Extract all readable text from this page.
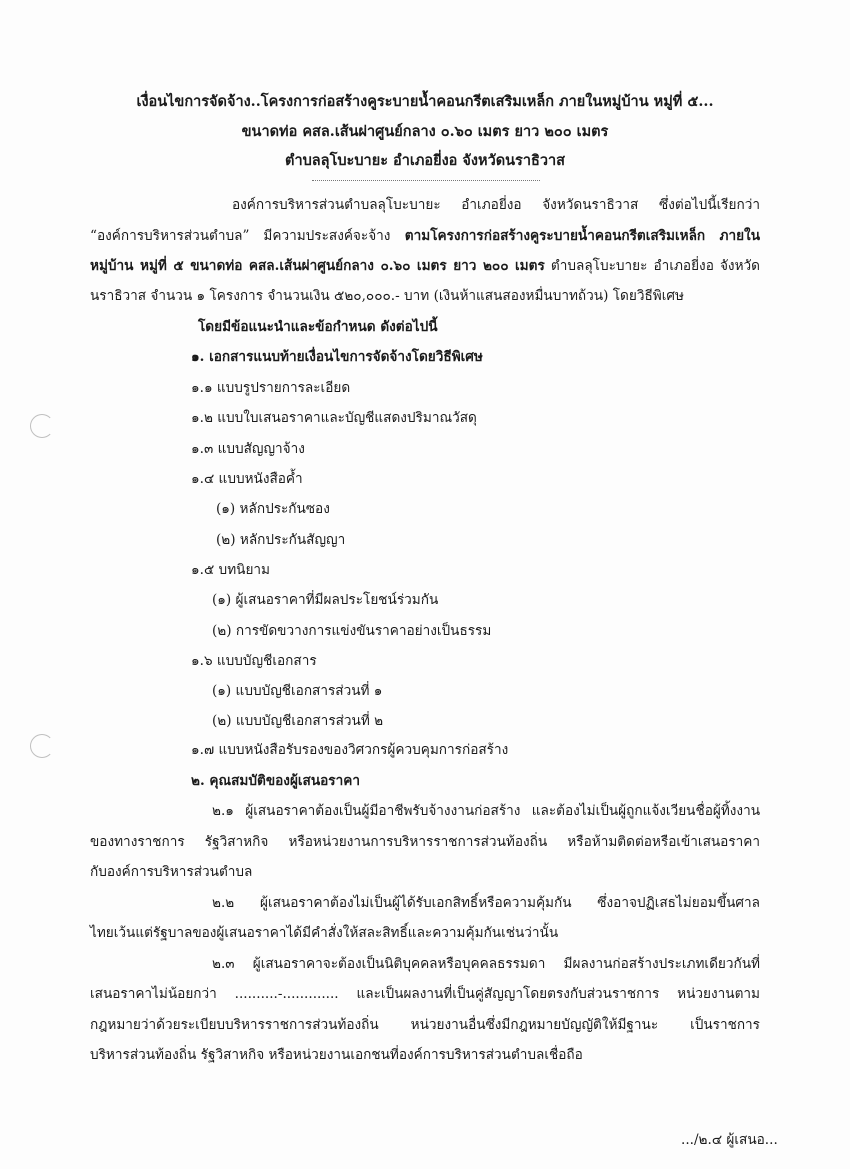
เงื่อนไขการจัดจ้าง..โครงการก่อสร้างคูระบายน้ำคอนกรีตเสริมเหล็ก ภายในหมู่บ้าน หมู่ที่ ๕...
ขนาดท่อ คสล.เส้นผ่าศูนย์กลาง ๐.๖๐ เมตร ยาว ๒๐๐ เมตร
ตำบลลุโบะบายะ อำเภอยี่งอ จังหวัดนราธิวาส
องค์การบริหารส่วนตำบลลุโบะบายะ อำเภอยี่งอ จังหวัดนราธิวาส ซึ่งต่อไปนี้เรียกว่า
“องค์การบริหารส่วนตำบล” มีความประสงค์จะจ้าง ตามโครงการก่อสร้างคูระบายน้ำคอนกรีตเสริมเหล็ก ภายใน
หมู่บ้าน หมู่ที่ ๕ ขนาดท่อ คสล.เส้นผ่าศูนย์กลาง ๐.๖๐ เมตร ยาว ๒๐๐ เมตร ตำบลลุโบะบายะ อำเภอยี่งอ จังหวัด
นราธิวาส จำนวน ๑ โครงการ จำนวนเงิน ๕๒๐,๐๐๐.- บาท (เงินห้าแสนสองหมื่นบาทถ้วน) โดยวิธีพิเศษ
โดยมีข้อแนะนำและข้อกำหนด ดังต่อไปนี้
๑. เอกสารแนบท้ายเงื่อนไขการจัดจ้างโดยวิธีพิเศษ
๑.๑ แบบรูปรายการละเอียด
๑.๒ แบบใบเสนอราคาและบัญชีแสดงปริมาณวัสดุ
๑.๓ แบบสัญญาจ้าง
๑.๔ แบบหนังสือค้ำ
(๑) หลักประกันซอง
(๒) หลักประกันสัญญา
๑.๕ บทนิยาม
(๑) ผู้เสนอราคาที่มีผลประโยชน์ร่วมกัน
(๒) การขัดขวางการแข่งขันราคาอย่างเป็นธรรม
๑.๖ แบบบัญชีเอกสาร
(๑) แบบบัญชีเอกสารส่วนที่ ๑
(๒) แบบบัญชีเอกสารส่วนที่ ๒
๑.๗ แบบหนังสือรับรองของวิศวกรผู้ควบคุมการก่อสร้าง
๒. คุณสมบัติของผู้เสนอราคา
๒.๑ ผู้เสนอราคาต้องเป็นผู้มีอาชีพรับจ้างงานก่อสร้าง และต้องไม่เป็นผู้ถูกแจ้งเวียนชื่อผู้ทิ้งงาน
ของทางราชการ รัฐวิสาหกิจ หรือหน่วยงานการบริหารราชการส่วนท้องถิ่น หรือห้ามติดต่อหรือเข้าเสนอราคา
กับองค์การบริหารส่วนตำบล
๒.๒ ผู้เสนอราคาต้องไม่เป็นผู้ได้รับเอกสิทธิ์หรือความคุ้มกัน ซึ่งอาจปฏิเสธไม่ยอมขึ้นศาล
ไทยเว้นแต่รัฐบาลของผู้เสนอราคาได้มีคำสั่งให้สละสิทธิ์และความคุ้มกันเช่นว่านั้น
๒.๓ ผู้เสนอราคาจะต้องเป็นนิติบุคคลหรือบุคคลธรรมดา มีผลงานก่อสร้างประเภทเดียวกันที่
เสนอราคาไม่น้อยกว่า ..........-............. และเป็นผลงานที่เป็นคู่สัญญาโดยตรงกับส่วนราชการ หน่วยงานตาม
กฎหมายว่าด้วยระเบียบบริหารราชการส่วนท้องถิ่น หน่วยงานอื่นซึ่งมีกฎหมายบัญญัติให้มีฐานะ เป็นราชการ
บริหารส่วนท้องถิ่น รัฐวิสาหกิจ หรือหน่วยงานเอกชนที่องค์การบริหารส่วนตำบลเชื่อถือ
.../๒.๔ ผู้เสนอ...
